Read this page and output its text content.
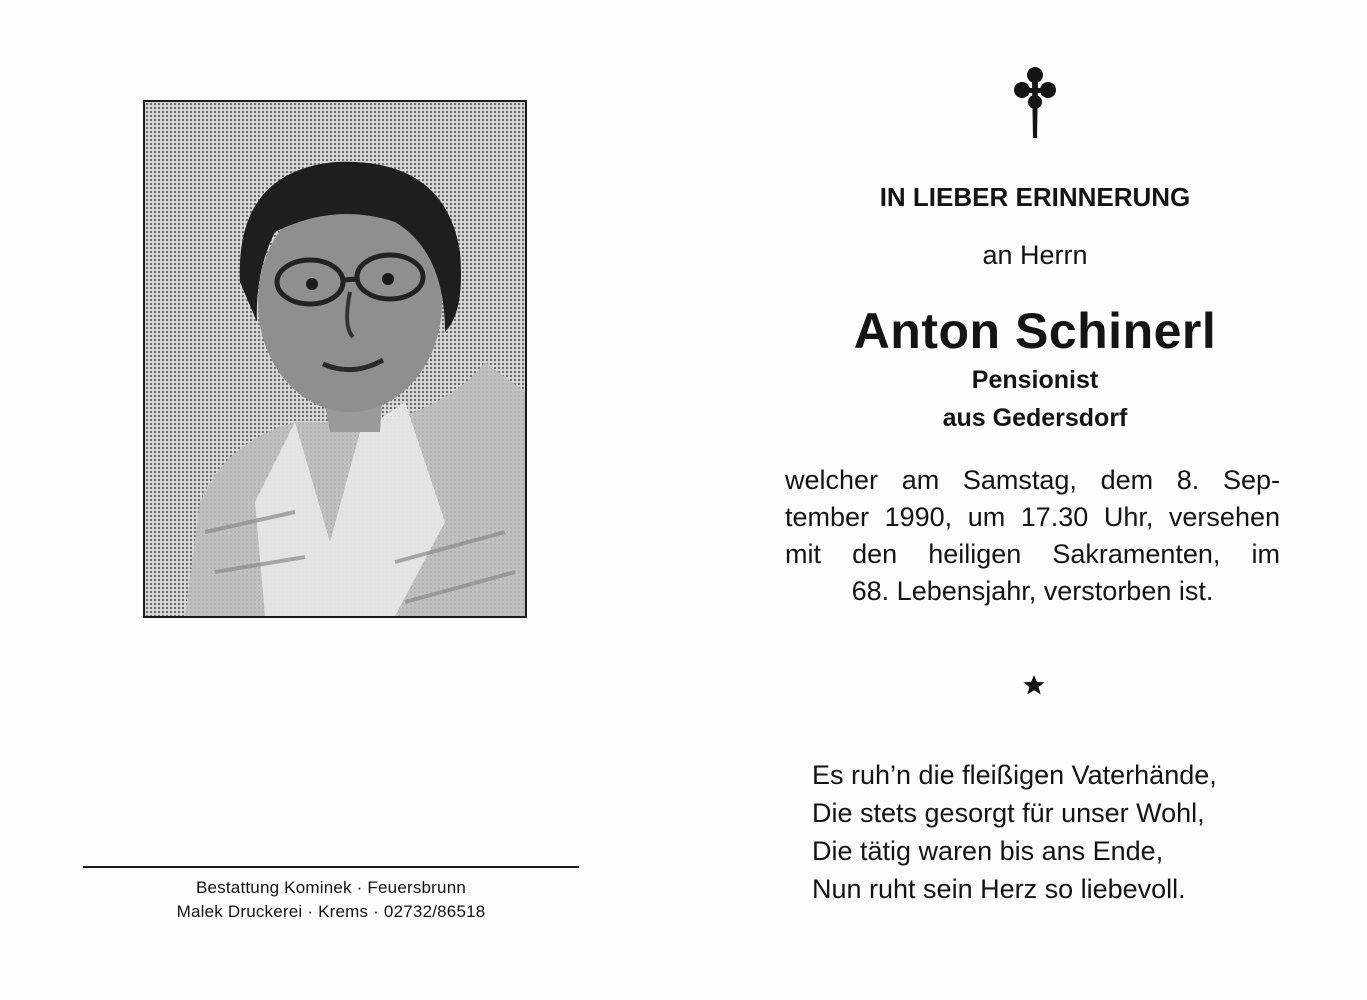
Bestattung Kominek · Feuersbrunn
Malek Druckerei · Krems · 02732/86518
IN LIEBER ERINNERUNG
an Herrn
Anton Schinerl
Pensionist
aus Gedersdorf
welcher am Samstag, dem 8. Sep-
tember 1990, um 17.30 Uhr, versehen
mit den heiligen Sakramenten, im
68. Lebensjahr, verstorben ist.
Es ruh’n die fleißigen Vaterhände,
Die stets gesorgt für unser Wohl,
Die tätig waren bis ans Ende,
Nun ruht sein Herz so liebevoll.
